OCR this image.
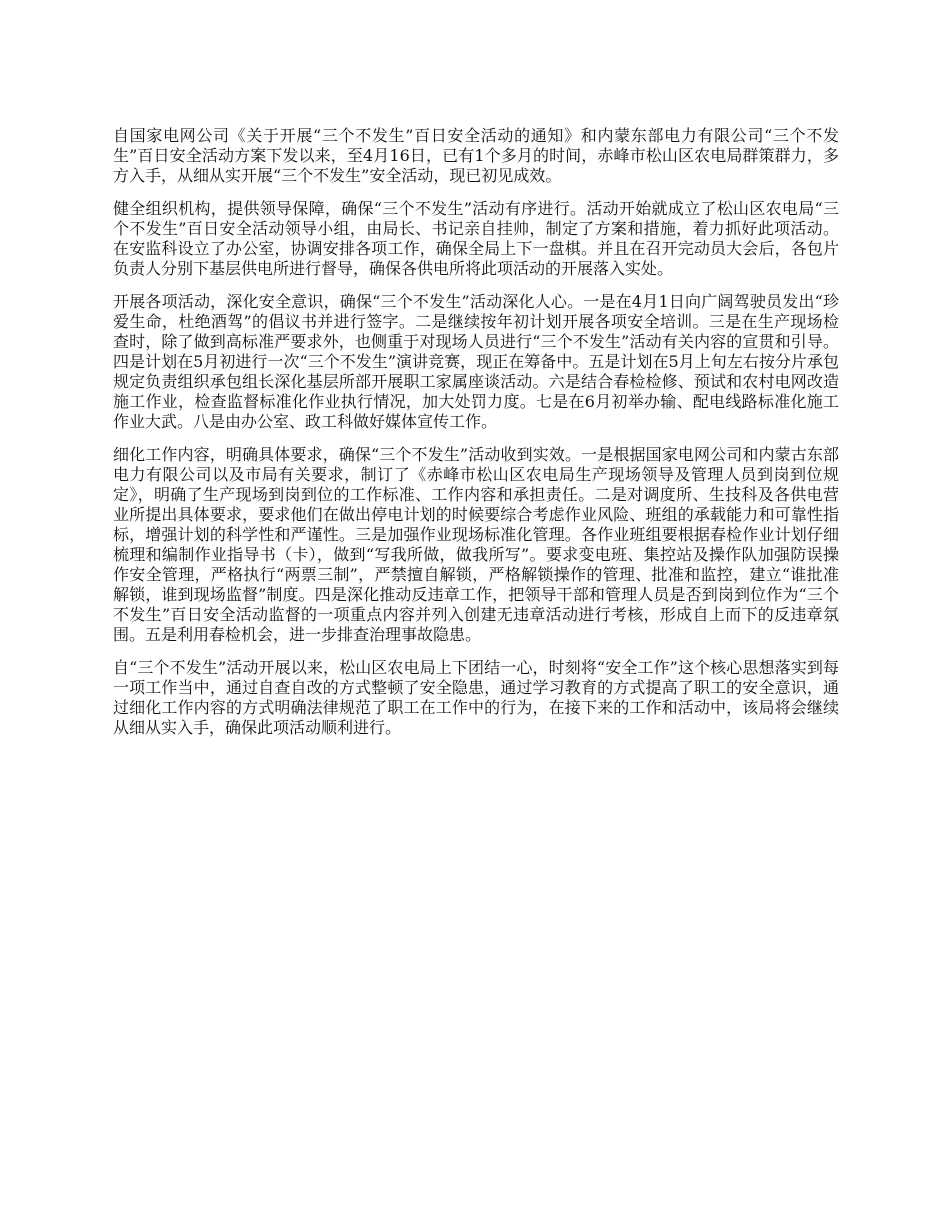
自国家电网公司《关于开展“三个不发生”百日安全活动的通知》和内蒙东部电力有限公司“三个不发生”百日安全活动方案下发以来，至4月16日，已有1个多月的时间，赤峰市松山区农电局群策群力，多方入手，从细从实开展“三个不发生”安全活动，现已初见成效。

健全组织机构，提供领导保障，确保“三个不发生”活动有序进行。活动开始就成立了松山区农电局“三个不发生”百日安全活动领导小组，由局长、书记亲自挂帅，制定了方案和措施，着力抓好此项活动。在安监科设立了办公室，协调安排各项工作，确保全局上下一盘棋。并且在召开完动员大会后，各包片负责人分别下基层供电所进行督导，确保各供电所将此项活动的开展落入实处。

开展各项活动，深化安全意识，确保“三个不发生”活动深化人心。一是在4月1日向广阔驾驶员发出“珍爱生命，杜绝酒驾”的倡议书并进行签字。二是继续按年初计划开展各项安全培训。三是在生产现场检查时，除了做到高标准严要求外，也侧重于对现场人员进行“三个不发生”活动有关内容的宣贯和引导。四是计划在5月初进行一次“三个不发生”演讲竞赛，现正在筹备中。五是计划在5月上旬左右按分片承包规定负责组织承包组长深化基层所部开展职工家属座谈活动。六是结合春检检修、预试和农村电网改造施工作业，检查监督标准化作业执行情况，加大处罚力度。七是在6月初举办输、配电线路标准化施工作业大武。八是由办公室、政工科做好媒体宣传工作。

细化工作内容，明确具体要求，确保“三个不发生”活动收到实效。一是根据国家电网公司和内蒙古东部电力有限公司以及市局有关要求，制订了《赤峰市松山区农电局生产现场领导及管理人员到岗到位规定》，明确了生产现场到岗到位的工作标准、工作内容和承担责任。二是对调度所、生技科及各供电营业所提出具体要求，要求他们在做出停电计划的时候要综合考虑作业风险、班组的承载能力和可靠性指标，增强计划的科学性和严谨性。三是加强作业现场标准化管理。各作业班组要根据春检作业计划仔细梳理和编制作业指导书（卡），做到“写我所做，做我所写”。要求变电班、集控站及操作队加强防误操作安全管理，严格执行“两票三制”，严禁擅自解锁，严格解锁操作的管理、批准和监控，建立“谁批准解锁，谁到现场监督”制度。四是深化推动反违章工作，把领导干部和管理人员是否到岗到位作为“三个不发生”百日安全活动监督的一项重点内容并列入创建无违章活动进行考核，形成自上而下的反违章氛围。五是利用春检机会，进一步排查治理事故隐患。

自“三个不发生”活动开展以来，松山区农电局上下团结一心，时刻将“安全工作”这个核心思想落实到每一项工作当中，通过自查自改的方式整顿了安全隐患，通过学习教育的方式提高了职工的安全意识，通过细化工作内容的方式明确法律规范了职工在工作中的行为，在接下来的工作和活动中，该局将会继续从细从实入手，确保此项活动顺利进行。
